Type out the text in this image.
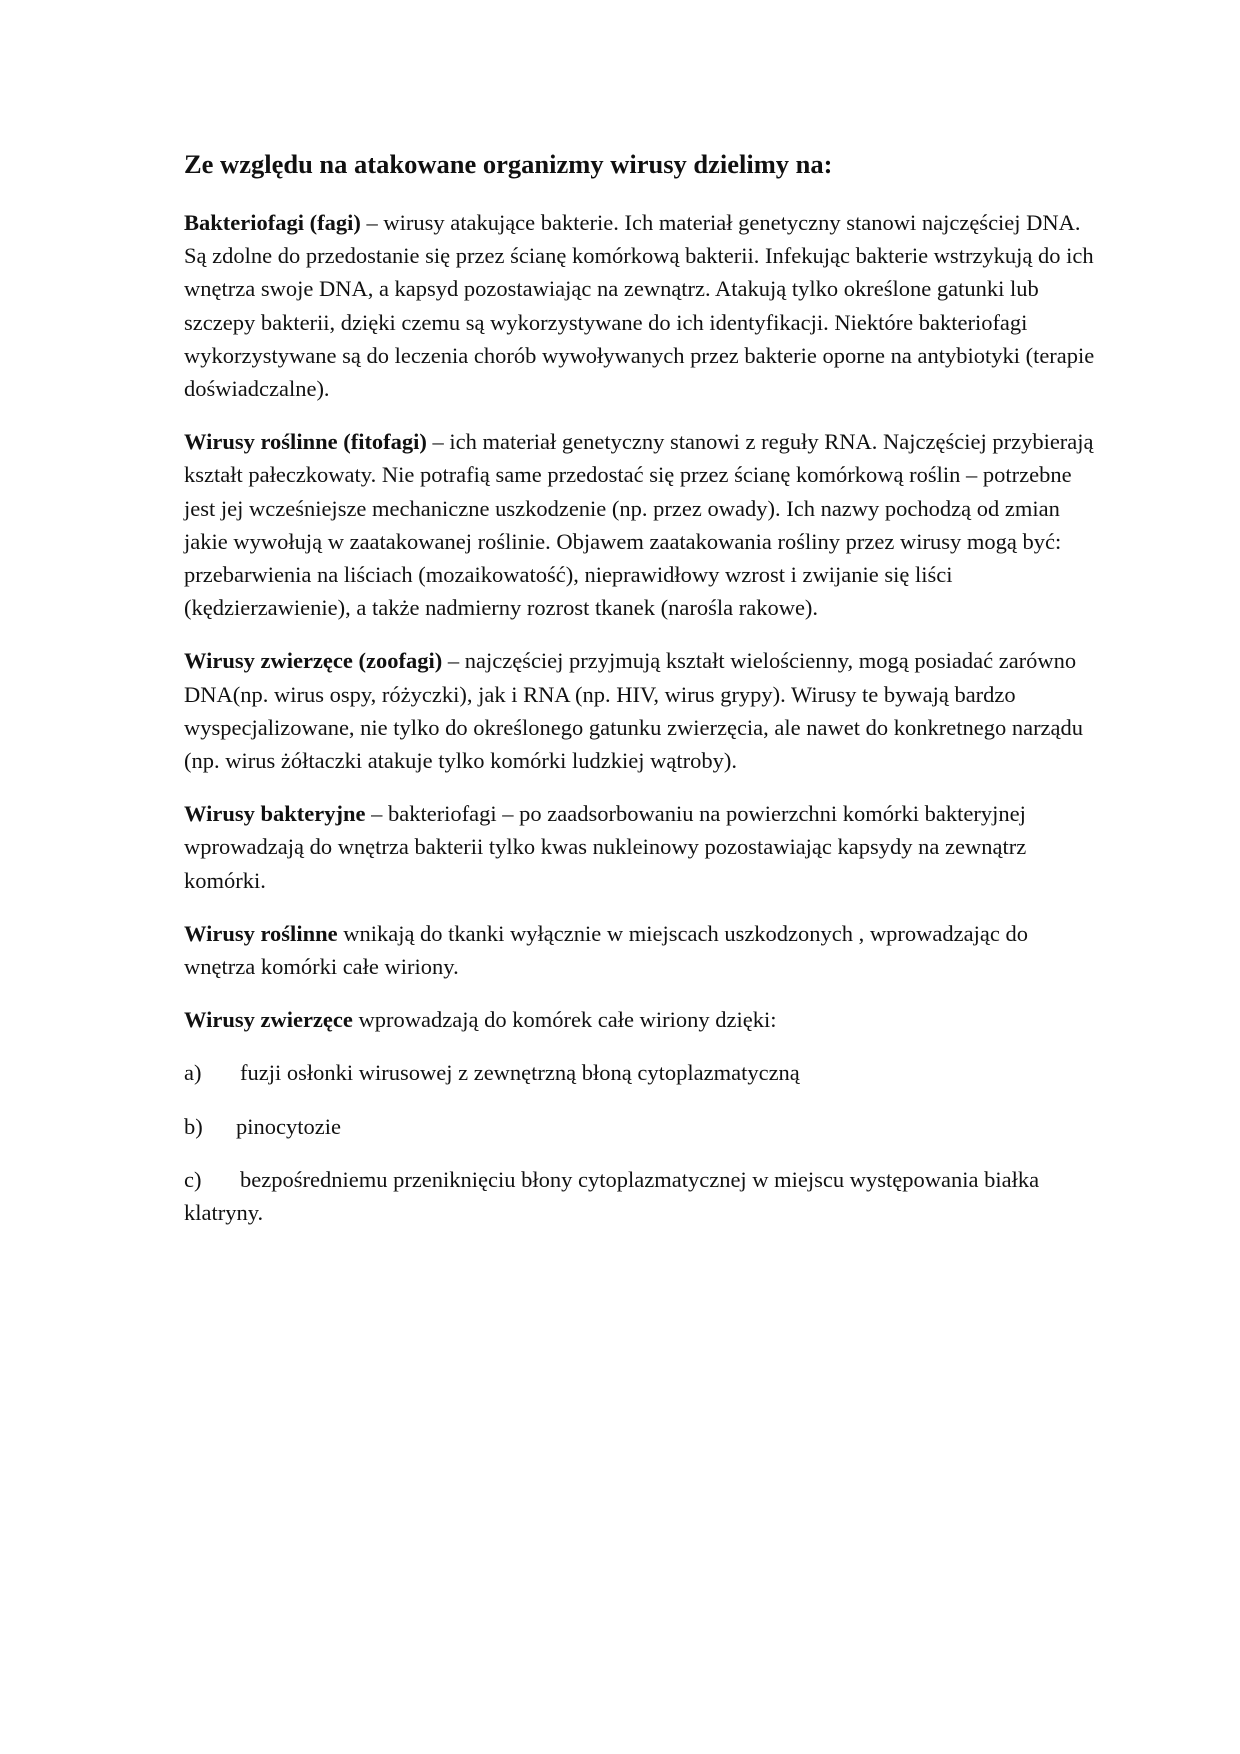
Ze względu na atakowane organizmy wirusy dzielimy na:

Bakteriofagi (fagi) – wirusy atakujące bakterie. Ich materiał genetyczny stanowi najczęściej DNA. Są zdolne do przedostanie się przez ścianę komórkową bakterii. Infekując bakterie wstrzykują do ich wnętrza swoje DNA, a kapsyd pozostawiając na zewnątrz. Atakują tylko określone gatunki lub szczepy bakterii, dzięki czemu są wykorzystywane do ich identyfikacji. Niektóre bakteriofagi wykorzystywane są do leczenia chorób wywoływanych przez bakterie oporne na antybiotyki (terapie doświadczalne).

Wirusy roślinne (fitofagi) – ich materiał genetyczny stanowi z reguły RNA. Najczęściej przybierają kształt pałeczkowaty. Nie potrafią same przedostać się przez ścianę komórkową roślin – potrzebne jest jej wcześniejsze mechaniczne uszkodzenie (np. przez owady). Ich nazwy pochodzą od zmian jakie wywołują w zaatakowanej roślinie. Objawem zaatakowania rośliny przez wirusy mogą być: przebarwienia na liściach (mozaikowatość), nieprawidłowy wzrost i zwijanie się liści (kędzierzawienie), a także nadmierny rozrost tkanek (narośla rakowe).

Wirusy zwierzęce (zoofagi) – najczęściej przyjmują kształt wielościenny, mogą posiadać zarówno DNA(np. wirus ospy, różyczki), jak i RNA (np. HIV, wirus grypy). Wirusy te bywają bardzo wyspecjalizowane, nie tylko do określonego gatunku zwierzęcia, ale nawet do konkretnego narządu (np. wirus żółtaczki atakuje tylko komórki ludzkiej wątroby).

Wirusy bakteryjne – bakteriofagi – po zaadsorbowaniu na powierzchni komórki bakteryjnej wprowadzają do wnętrza bakterii tylko kwas nukleinowy pozostawiając kapsydy na zewnątrz komórki.

Wirusy roślinne wnikają do tkanki wyłącznie w miejscach uszkodzonych , wprowadzając do wnętrza komórki całe wiriony.

Wirusy zwierzęce wprowadzają do komórek całe wiriony dzięki:

a) fuzji osłonki wirusowej z zewnętrzną błoną cytoplazmatyczną

b) pinocytozie

c) bezpośredniemu przeniknięciu błony cytoplazmatycznej w miejscu występowania białka klatryny.
